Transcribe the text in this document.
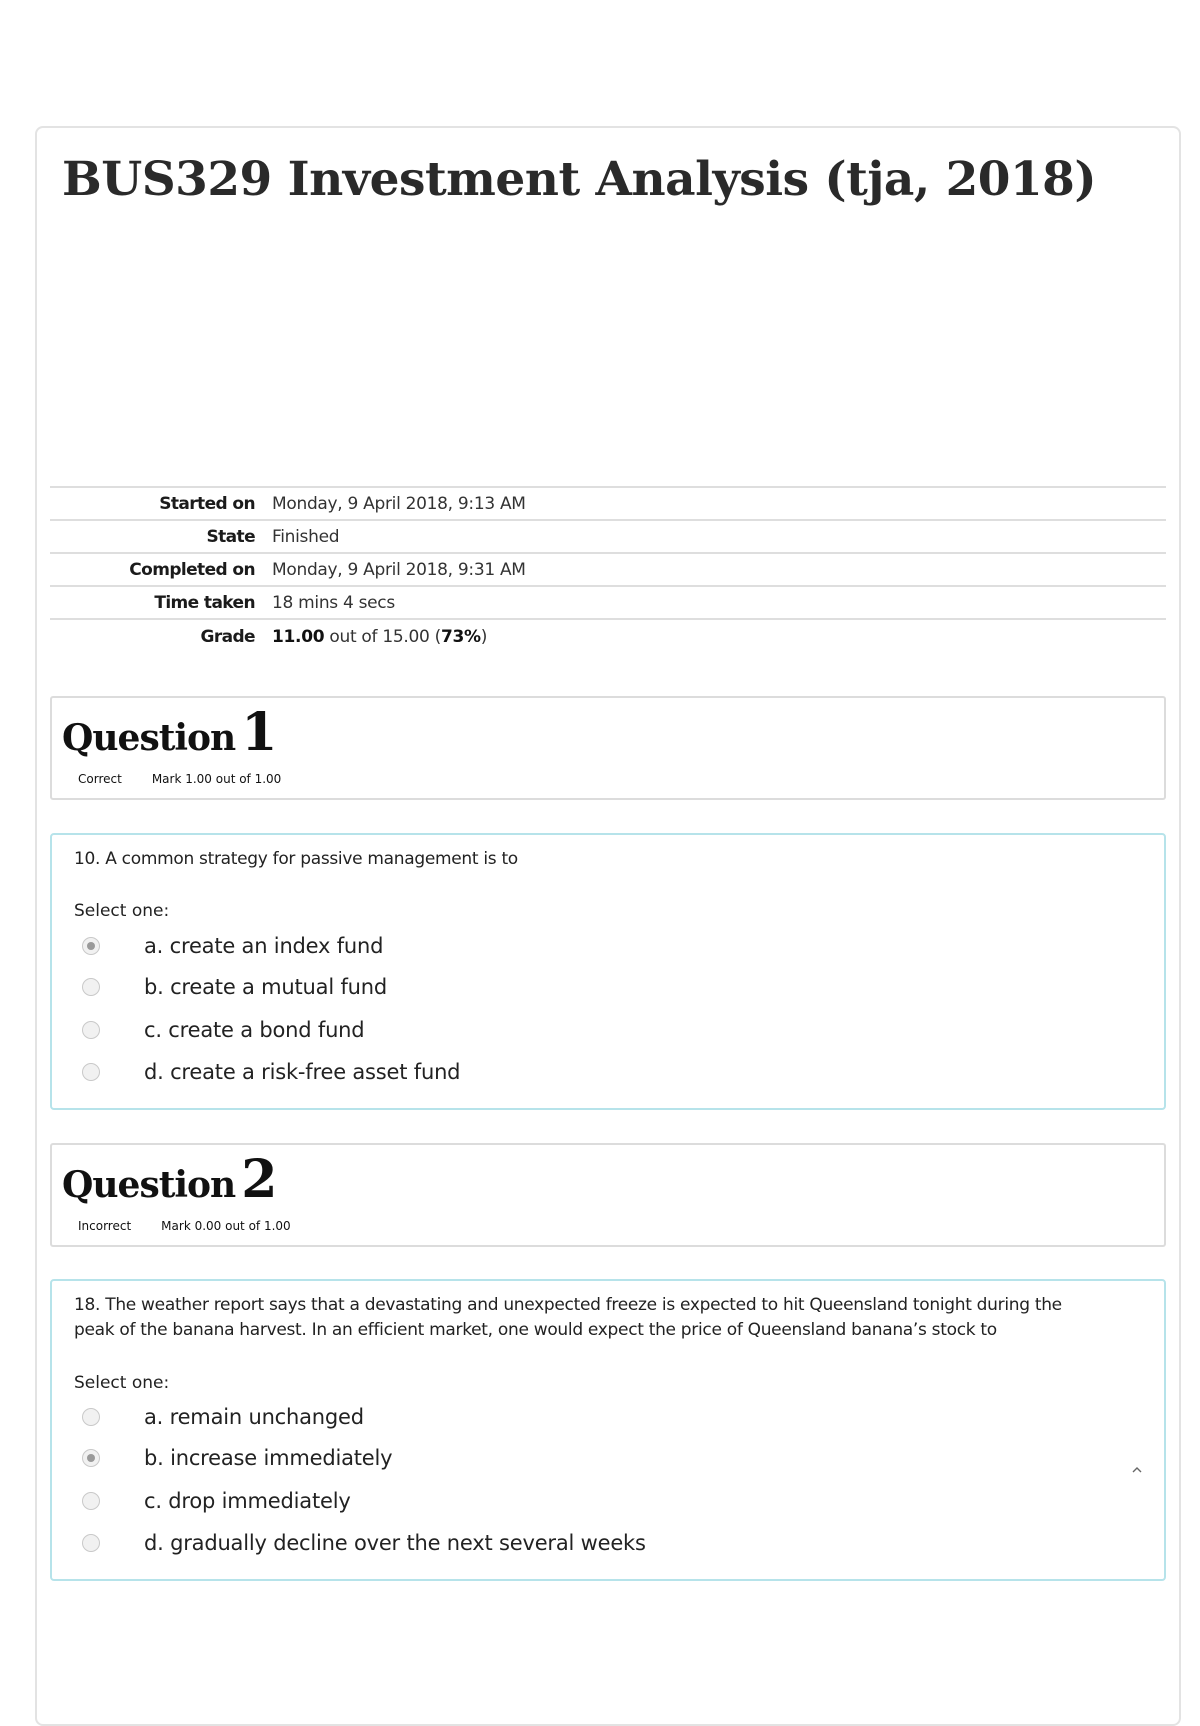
BUS329 Investment Analysis (tja, 2018)
Started on	Monday, 9 April 2018, 9:13 AM
State	Finished
Completed on	Monday, 9 April 2018, 9:31 AM
Time taken	18 mins 4 secs
Grade	11.00 out of 15.00 (73%)
Question 1
Correct	Mark 1.00 out of 1.00
10. A common strategy for passive management is to
Select one:
a. create an index fund
b. create a mutual fund
c. create a bond fund
d. create a risk-free asset fund
Question 2
Incorrect	Mark 0.00 out of 1.00
18. The weather report says that a devastating and unexpected freeze is expected to hit Queensland tonight during the peak of the banana harvest. In an efficient market, one would expect the price of Queensland banana’s stock to
Select one:
a. remain unchanged
b. increase immediately
c. drop immediately
d. gradually decline over the next several weeks
